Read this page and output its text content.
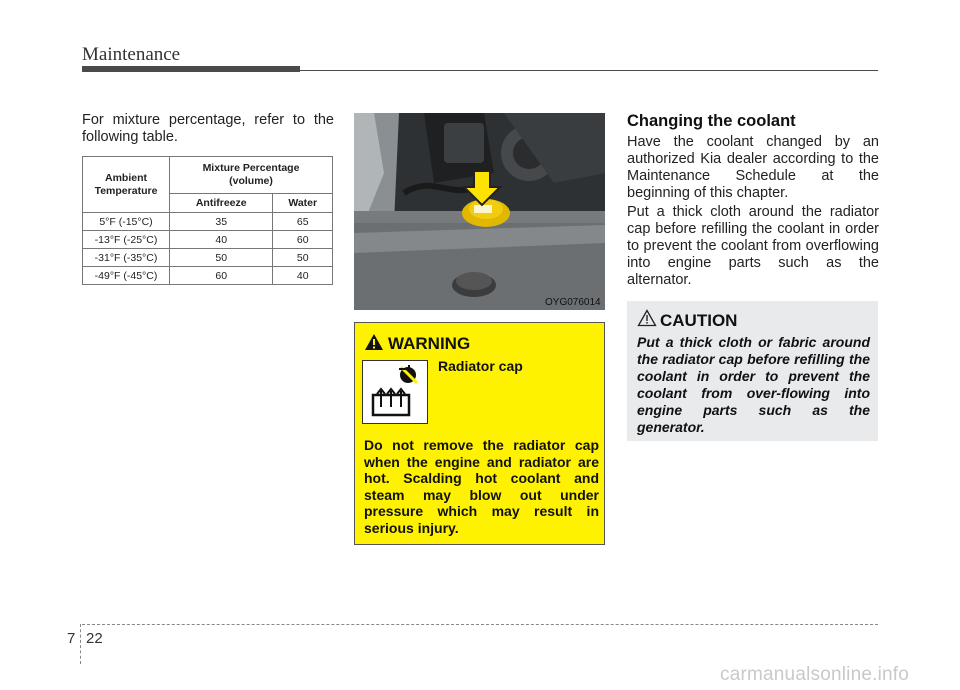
Maintenance
For mixture percentage, refer to the following table.
Ambient Temperature	Mixture Percentage (volume)	
	Antifreeze	Water
5°F (-15°C)	35	65
-13°F (-25°C)	40	60
-31°F (-35°C)	50	50
-49°F (-45°C)	60	40
OYG076014
WARNING
Radiator cap
Do not remove the radiator cap when the engine and radiator are hot. Scalding hot coolant and steam may blow out under pressure which may result in serious injury.
Changing the coolant
Have the coolant changed by an authorized Kia dealer according to the Maintenance Schedule at the beginning of this chapter.
Put a thick cloth around the radiator cap before refilling the coolant in order to prevent the coolant from overflowing into engine parts such as the alternator.
CAUTION
Put a thick cloth or fabric around the radiator cap before refilling the coolant in order to prevent the coolant from over-flowing into engine parts such as the generator.
7 22
carmanualsonline.info
